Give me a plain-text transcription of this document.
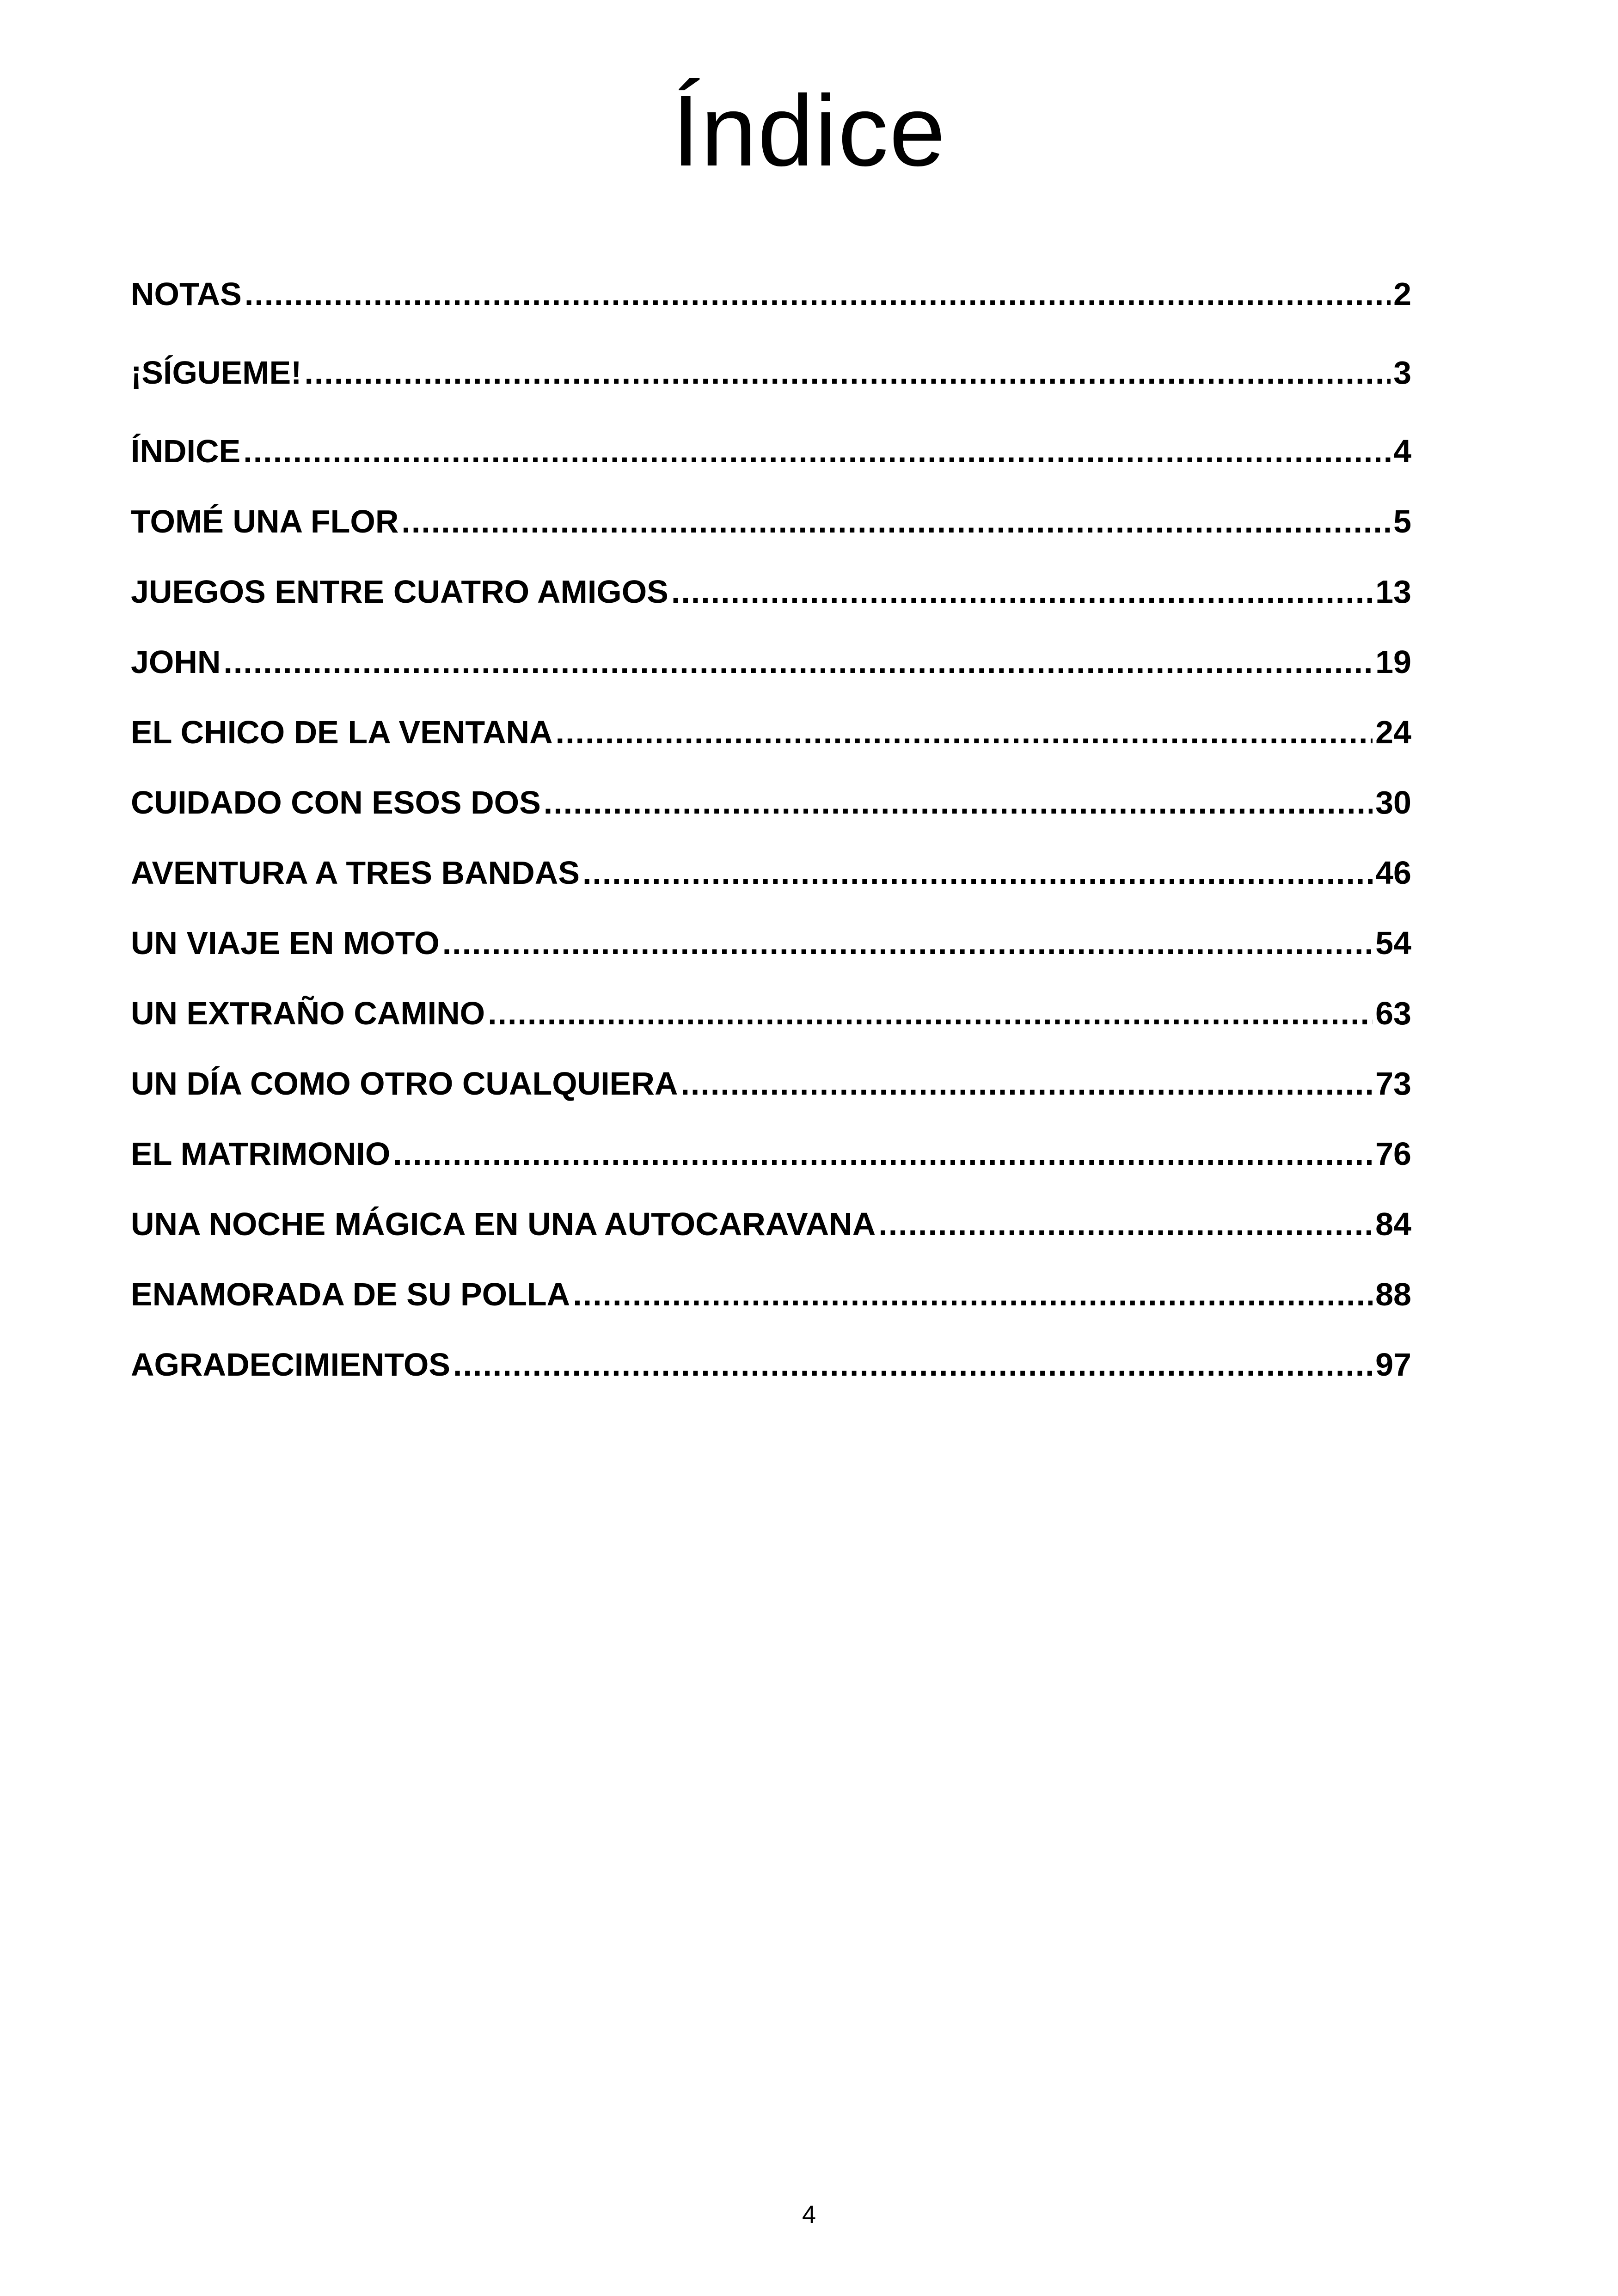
Índice
NOTAS .....	2
¡SÍGUEME! .....	3
ÍNDICE .....	4
TOMÉ UNA FLOR .....	5
JUEGOS ENTRE CUATRO AMIGOS .....	13
JOHN .....	19
EL CHICO DE LA VENTANA .....	24
CUIDADO CON ESOS DOS .....	30
AVENTURA A TRES BANDAS .....	46
UN VIAJE EN MOTO .....	54
UN EXTRAÑO CAMINO .....	63
UN DÍA COMO OTRO CUALQUIERA .....	73
EL MATRIMONIO .....	76
UNA NOCHE MÁGICA EN UNA AUTOCARAVANA .....	84
ENAMORADA DE SU POLLA .....	88
AGRADECIMIENTOS .....	97
4
